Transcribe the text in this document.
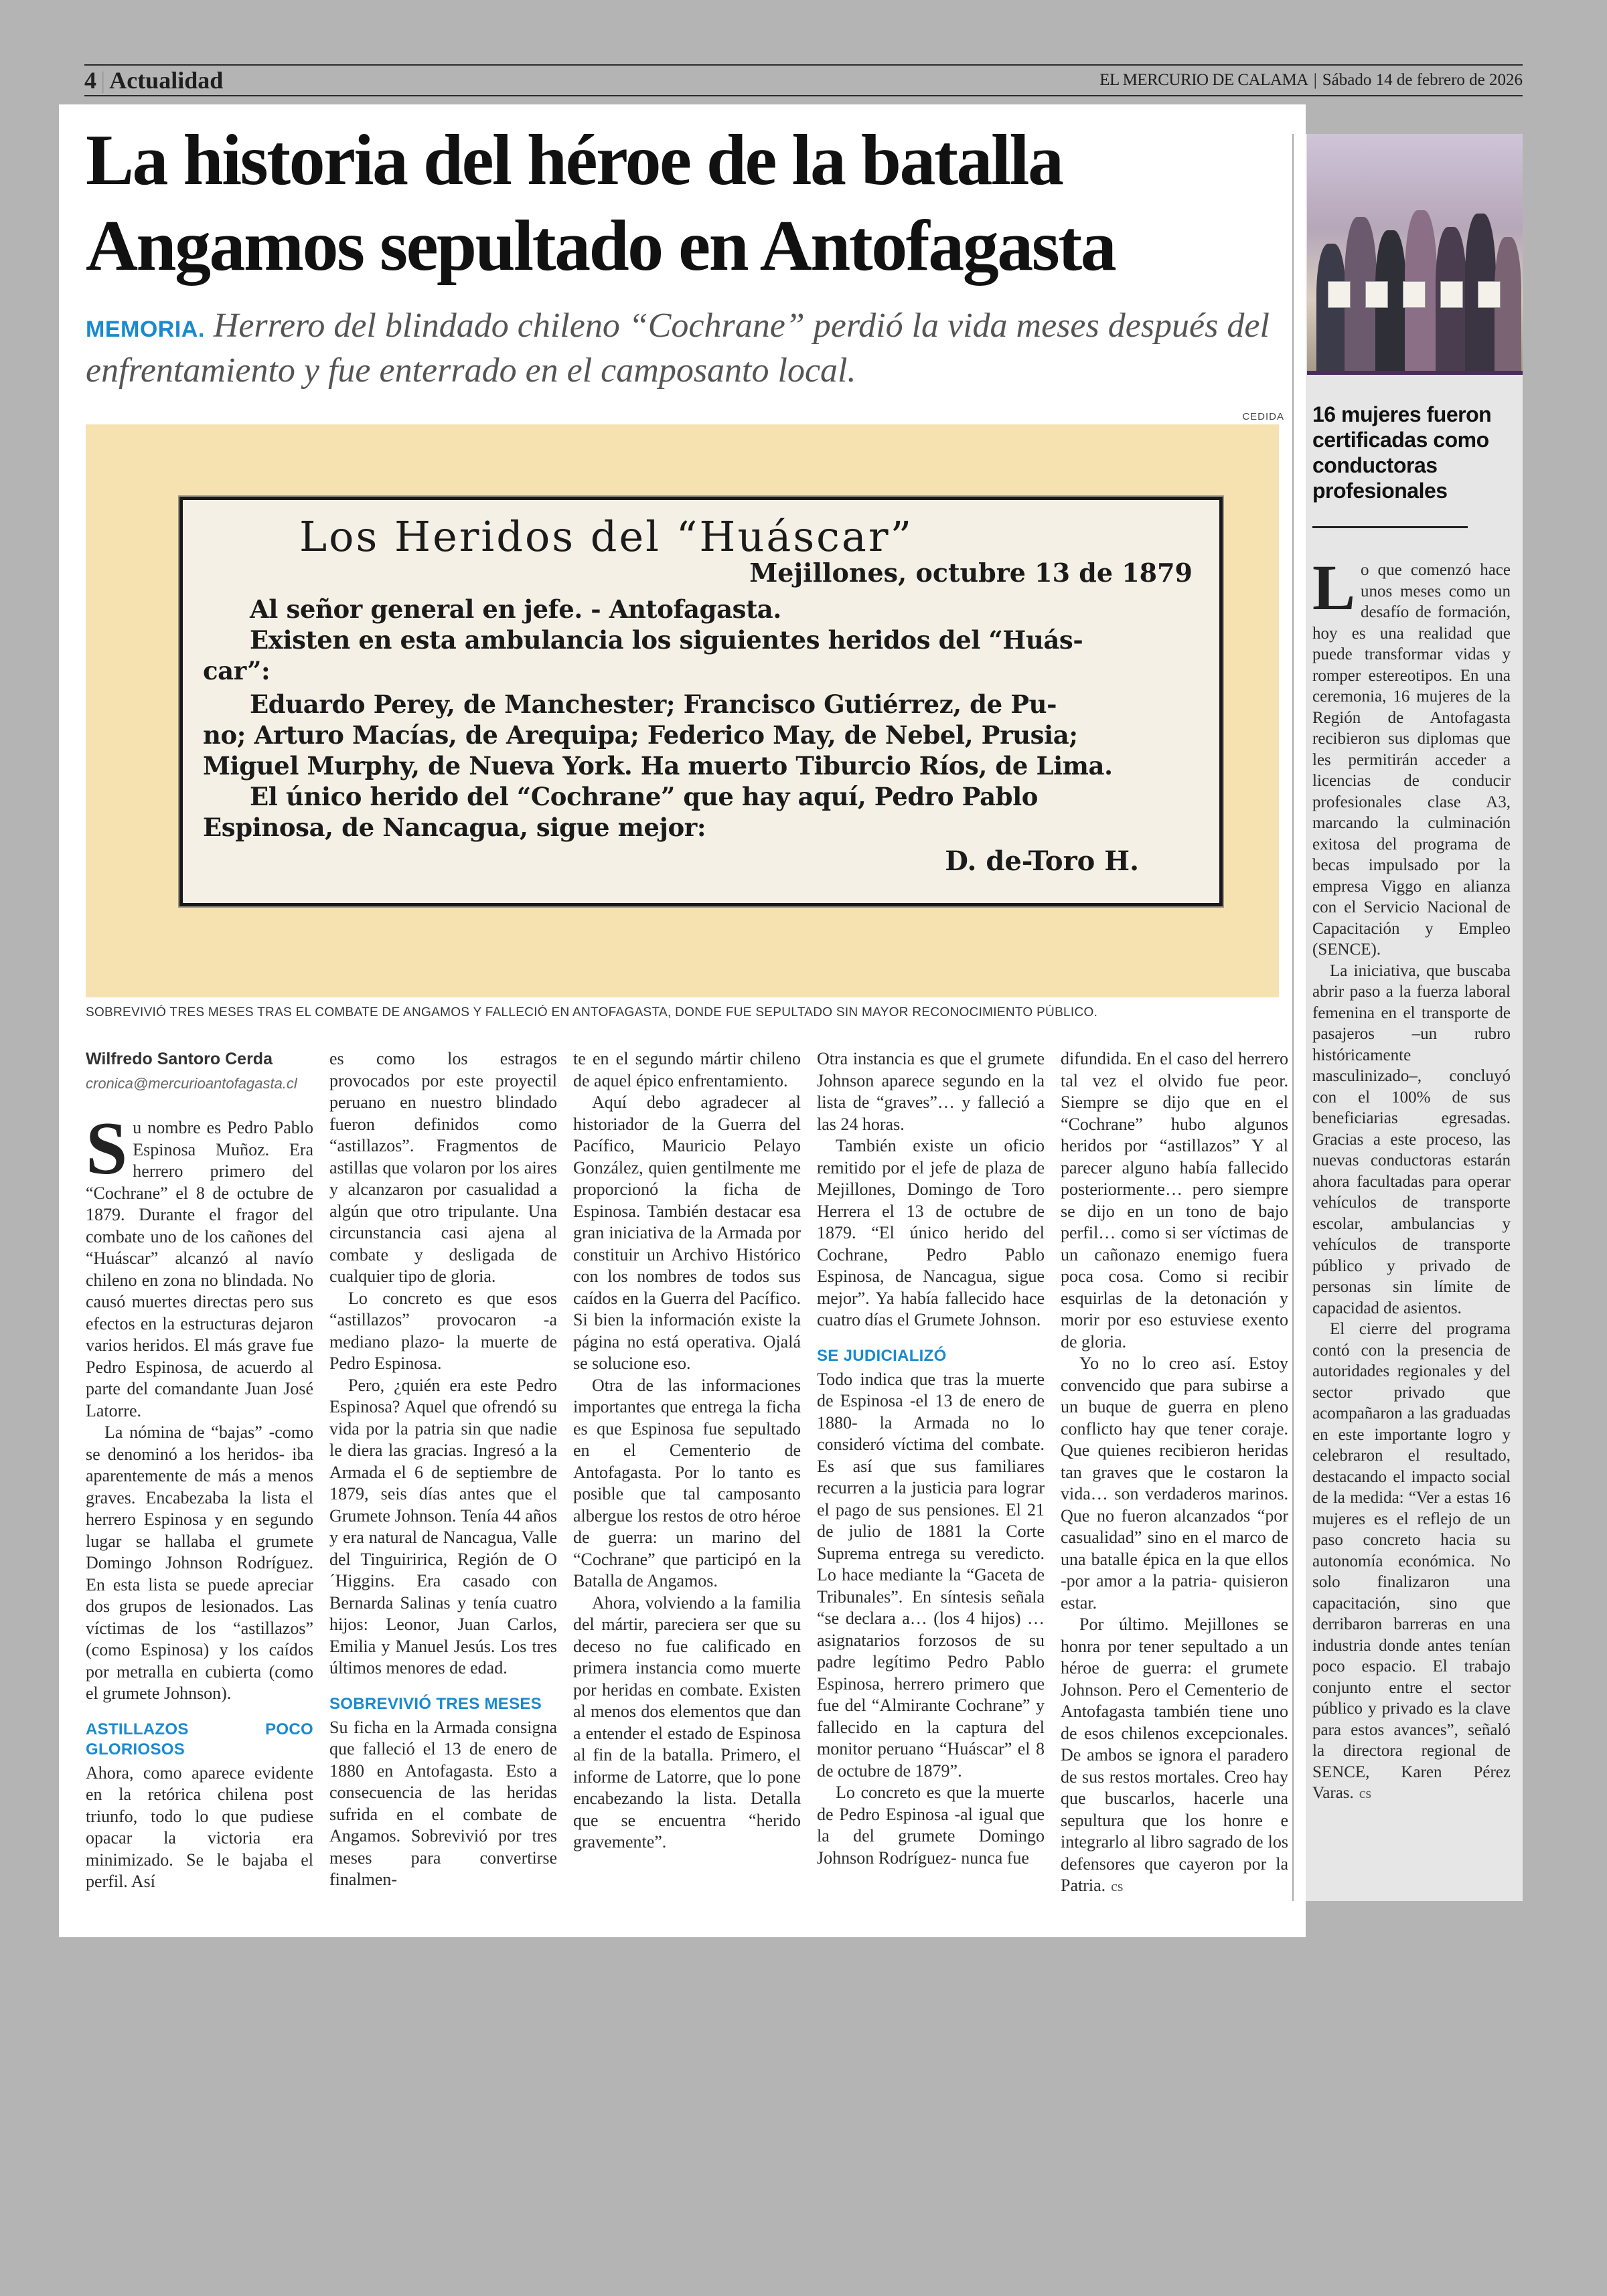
4 | Actualidad	EL MERCURIO DE CALAMA | Sábado 14 de febrero de 2026
La historia del héroe de la batalla Angamos sepultado en Antofagasta
MEMORIA. Herrero del blindado chileno “Cochrane” perdió la vida meses después del enfrentamiento y fue enterrado en el camposanto local.
CEDIDA
Los Heridos del “Huáscar”
Mejillones, octubre 13 de 1879
Al señor general en jefe. - Antofagasta.
Existen en esta ambulancia los siguientes heridos del “Huás-
car”:
Eduardo Perey, de Manchester; Francisco Gutiérrez, de Pu-
no; Arturo Macías, de Arequipa; Federico May, de Nebel, Prusia;
Miguel Murphy, de Nueva York. Ha muerto Tiburcio Ríos, de Lima.
El único herido del “Cochrane” que hay aquí, Pedro Pablo
Espinosa, de Nancagua, sigue mejor:
D. de-Toro H.
SOBREVIVIÓ TRES MESES TRAS EL COMBATE DE ANGAMOS Y FALLECIÓ EN ANTOFAGASTA, DONDE FUE SEPULTADO SIN MAYOR RECONOCIMIENTO PÚBLICO.
Wilfredo Santoro Cerda
cronica@mercurioantofagasta.cl

Su nombre es Pedro Pablo Espinosa Muñoz. Era herrero primero del “Cochrane” el 8 de octubre de 1879. Durante el fragor del combate uno de los cañones del “Huáscar” alcanzó al navío chileno en zona no blindada. No causó muertes directas pero sus efectos en la estructuras dejaron varios heridos. El más grave fue Pedro Espinosa, de acuerdo al parte del comandante Juan José Latorre.

La nómina de “bajas” -como se denominó a los heridos- iba aparentemente de más a menos graves. Encabezaba la lista el herrero Espinosa y en segundo lugar se hallaba el grumete Domingo Johnson Rodríguez. En esta lista se puede apreciar dos grupos de lesionados. Las víctimas de los “astillazos” (como Espinosa) y los caídos por metralla en cubierta (como el grumete Johnson).

ASTILLAZOS POCO GLORIOSOS

Ahora, como aparece evidente en la retórica chilena post triunfo, todo lo que pudiese opacar la victoria era minimizado. Se le bajaba el perfil. Así

es como los estragos provocados por este proyectil peruano en nuestro blindado fueron definidos como “astillazos”. Fragmentos de astillas que volaron por los aires y alcanzaron por casualidad a algún que otro tripulante. Una circunstancia casi ajena al combate y desligada de cualquier tipo de gloria.

Lo concreto es que esos “astillazos” provocaron -a mediano plazo- la muerte de Pedro Espinosa.

Pero, ¿quién era este Pedro Espinosa? Aquel que ofrendó su vida por la patria sin que nadie le diera las gracias. Ingresó a la Armada el 6 de septiembre de 1879, seis días antes que el Grumete Johnson. Tenía 44 años y era natural de Nancagua, Valle del Tinguiririca, Región de O´Higgins. Era casado con Bernarda Salinas y tenía cuatro hijos: Leonor, Juan Carlos, Emilia y Manuel Jesús. Los tres últimos menores de edad.

SOBREVIVIÓ TRES MESES

Su ficha en la Armada consigna que falleció el 13 de enero de 1880 en Antofagasta. Esto a consecuencia de las heridas sufrida en el combate de Angamos. Sobrevivió por tres meses para convertirse finalmen-

te en el segundo mártir chileno de aquel épico enfrentamiento.

Aquí debo agradecer al historiador de la Guerra del Pacífico, Mauricio Pelayo González, quien gentilmente me proporcionó la ficha de Espinosa. También destacar esa gran iniciativa de la Armada por constituir un Archivo Histórico con los nombres de todos sus caídos en la Guerra del Pacífico. Si bien la información existe la página no está operativa. Ojalá se solucione eso.

Otra de las informaciones importantes que entrega la ficha es que Espinosa fue sepultado en el Cementerio de Antofagasta. Por lo tanto es posible que tal camposanto albergue los restos de otro héroe de guerra: un marino del “Cochrane” que participó en la Batalla de Angamos.

Ahora, volviendo a la familia del mártir, pareciera ser que su deceso no fue calificado en primera instancia como muerte por heridas en combate. Existen al menos dos elementos que dan a entender el estado de Espinosa al fin de la batalla. Primero, el informe de Latorre, que lo pone encabezando la lista. Detalla que se encuentra “herido gravemente”.

Otra instancia es que el grumete Johnson aparece segundo en la lista de “graves”… y falleció a las 24 horas.

También existe un oficio remitido por el jefe de plaza de Mejillones, Domingo de Toro Herrera el 13 de octubre de 1879. “El único herido del Cochrane, Pedro Pablo Espinosa, de Nancagua, sigue mejor”. Ya había fallecido hace cuatro días el Grumete Johnson.

SE JUDICIALIZÓ

Todo indica que tras la muerte de Espinosa -el 13 de enero de 1880- la Armada no lo consideró víctima del combate. Es así que sus familiares recurren a la justicia para lograr el pago de sus pensiones. El 21 de julio de 1881 la Corte Suprema entrega su veredicto. Lo hace mediante la “Gaceta de Tribunales”. En síntesis señala “se declara a… (los 4 hijos) …asignatarios forzosos de su padre legítimo Pedro Pablo Espinosa, herrero primero que fue del “Almirante Cochrane” y fallecido en la captura del monitor peruano “Huáscar” el 8 de octubre de 1879”.

Lo concreto es que la muerte de Pedro Espinosa -al igual que la del grumete Domingo Johnson Rodríguez- nunca fue

difundida. En el caso del herrero tal vez el olvido fue peor. Siempre se dijo que en el “Cochrane” hubo algunos heridos por “astillazos” Y al parecer alguno había fallecido posteriormente… pero siempre se dijo en un tono de bajo perfil… como si ser víctimas de un cañonazo enemigo fuera poca cosa. Como si recibir esquirlas de la detonación y morir por eso estuviese exento de gloria.

Yo no lo creo así. Estoy convencido que para subirse a un buque de guerra en pleno conflicto hay que tener coraje. Que quienes recibieron heridas tan graves que le costaron la vida… son verdaderos marinos. Que no fueron alcanzados “por casualidad” sino en el marco de una batalle épica en la que ellos -por amor a la patria- quisieron estar.

Por último. Mejillones se honra por tener sepultado a un héroe de guerra: el grumete Johnson. Pero el Cementerio de Antofagasta también tiene uno de esos chilenos excepcionales. De ambos se ignora el paradero de sus restos mortales. Creo hay que buscarlos, hacerle una sepultura que los honre e integrarlo al libro sagrado de los defensores que cayeron por la Patria. cs

16 mujeres fueron certificadas como conductoras profesionales

Lo que comenzó hace unos meses como un desafío de formación, hoy es una realidad que puede transformar vidas y romper estereotipos. En una ceremonia, 16 mujeres de la Región de Antofagasta recibieron sus diplomas que les permitirán acceder a licencias de conducir profesionales clase A3, marcando la culminación exitosa del programa de becas impulsado por la empresa Viggo en alianza con el Servicio Nacional de Capacitación y Empleo (SENCE).

La iniciativa, que buscaba abrir paso a la fuerza laboral femenina en el transporte de pasajeros –un rubro históricamente masculinizado–, concluyó con el 100% de sus beneficiarias egresadas. Gracias a este proceso, las nuevas conductoras estarán ahora facultadas para operar vehículos de transporte escolar, ambulancias y vehículos de transporte público y privado de personas sin límite de capacidad de asientos.

El cierre del programa contó con la presencia de autoridades regionales y del sector privado que acompañaron a las graduadas en este importante logro y celebraron el resultado, destacando el impacto social de la medida: “Ver a estas 16 mujeres es el reflejo de un paso concreto hacia su autonomía económica. No solo finalizaron una capacitación, sino que derribaron barreras en una industria donde antes tenían poco espacio. El trabajo conjunto entre el sector público y privado es la clave para estos avances”, señaló la directora regional de SENCE, Karen Pérez Varas. cs
